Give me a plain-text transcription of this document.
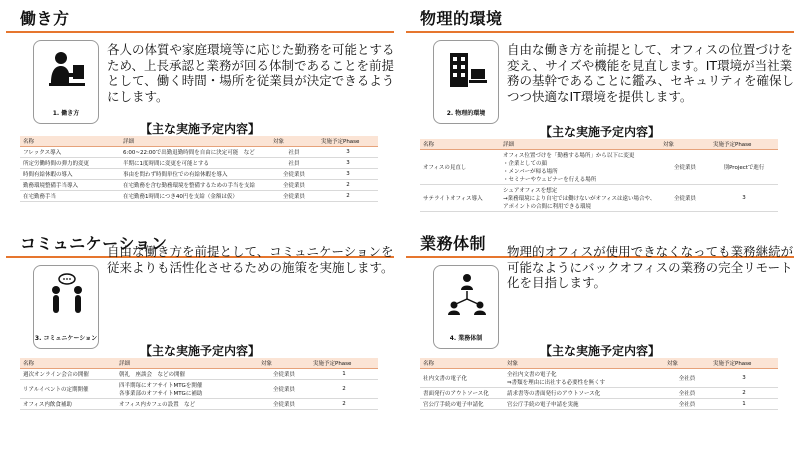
働き方
1. 働き方

各人の体質や家庭環境等に応じた勤務を可能とするため、上長承認と業務が回る体制であることを前提として、働く時間・場所を従業員が決定できるようにします。

【主な実施予定内容】
名称	詳細	対象	実施予定Phase
フレックス導入	6:00~22:00で出勤退勤時間を自由に決定可能　など	社員	3
所定労働時間の弾力的変更	半期に1度時間に変更を可能とする	社員	3
時間有給休暇の導入	事由を問わず時間単位での有給休暇を導入	全従業員	3
勤務環境整備手当導入	在宅勤務を含む勤務環境を整備するための手当を支給	全従業員	2
在宅勤務手当	在宅勤務1時間につき40円を支給（金額は仮）	全従業員	2
物理的環境
2. 物理的環境

自由な働き方を前提として、オフィスの位置づけを変え、サイズや機能を見直します。IT環境が当社業務の基幹であることに鑑み、セキュリティを確保しつつ快適なIT環境を提供します。

【主な実施予定内容】
名称	詳細	対象	実施予定Phase
オフィスの見直し	オフィス位置づけを「勤務する場所」から以下に変更
・企業としての顔
・メンバーが帰る場所
・セミナーやウェビナーを行える場所	全従業員	別Projectで進行
サテライトオフィス導入	シェアオフィスを想定
→業務環境により自宅では働けないがオフィスは遠い場合や、アポイントの合間に利用できる環境	全従業員	3
コミュニケーション
3. コミュニケーション

自由な働き方を前提として、コミュニケーションを従来よりも活性化させるための施策を実施します。

【主な実施予定内容】
名称	詳細	対象	実施予定Phase
週次オンライン会合の開催	朝礼　座談会　などの開催	全従業員	1
リアルイベントの定期開催	四半期毎にオフサイトMTGを開催
各事業部のオフサイトMTGに補助	全従業員	2
オフィス内飲食補助	オフィス内カフェの設置　など	全従業員	2
業務体制
4. 業務体制

物理的オフィスが使用できなくなっても業務継続が可能なようにバックオフィスの業務の完全リモート化を目指します。

【主な実施予定内容】
名称	対象	対象	実施予定Phase
社内文書の電子化	全社内文書の電子化
⇒書類を理由に出社する必要性を無くす	全社員	3
書面発行のアウトソース化	請求書等の書面発行のアウトソース化	全社員	2
官公庁手続の電子申請化	官公庁手続の電子申請を実施	全社員	1
